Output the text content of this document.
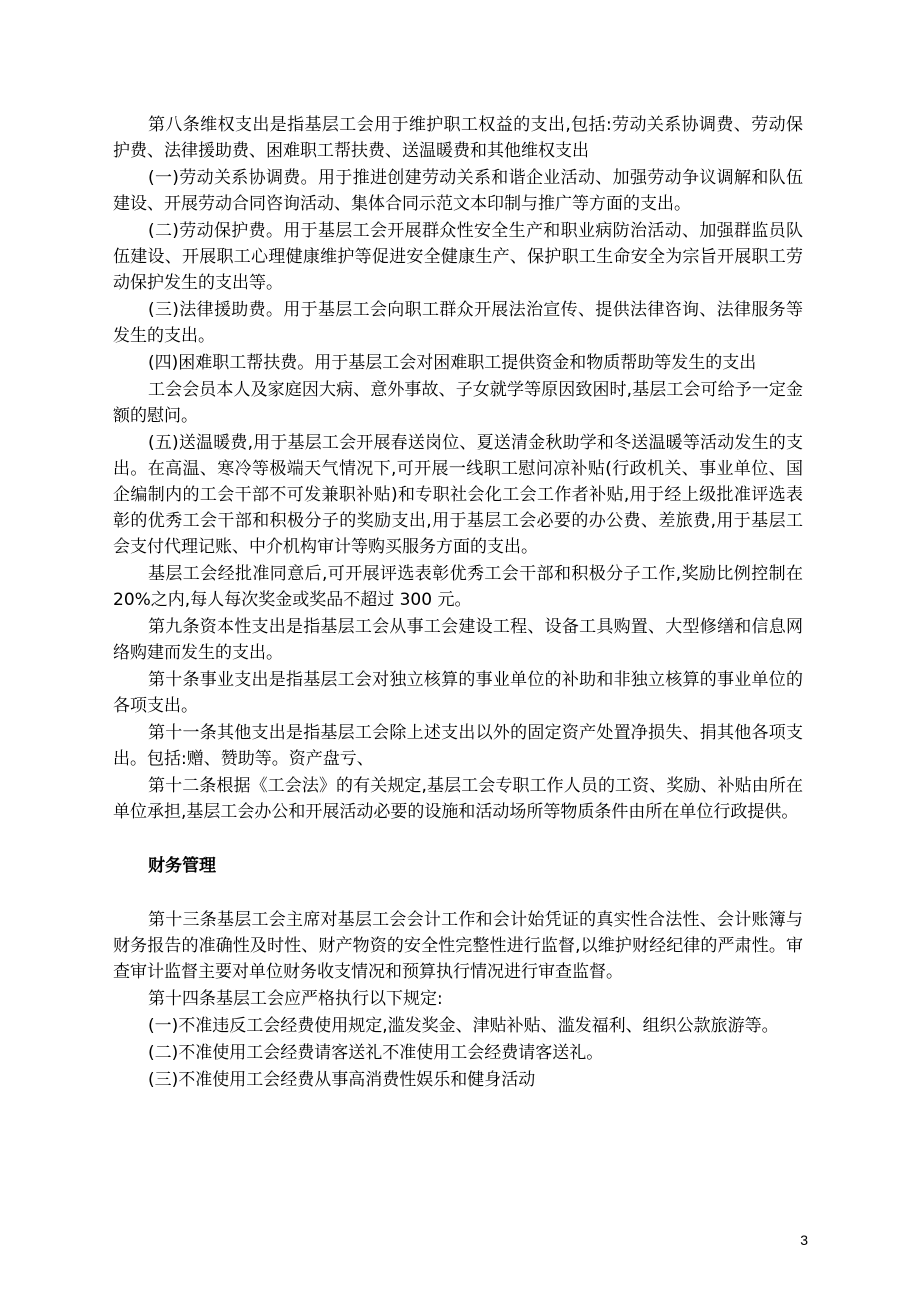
第八条维权支出是指基层工会用于维护职工权益的支出,包括:劳动关系协调费、劳动保护费、法律援助费、困难职工帮扶费、送温暖费和其他维权支出

(一)劳动关系协调费。用于推进创建劳动关系和谐企业活动、加强劳动争议调解和队伍建设、开展劳动合同咨询活动、集体合同示范文本印制与推广等方面的支出。

(二)劳动保护费。用于基层工会开展群众性安全生产和职业病防治活动、加强群监员队伍建设、开展职工心理健康维护等促进安全健康生产、保护职工生命安全为宗旨开展职工劳动保护发生的支出等。

(三)法律援助费。用于基层工会向职工群众开展法治宣传、提供法律咨询、法律服务等发生的支出。

(四)困难职工帮扶费。用于基层工会对困难职工提供资金和物质帮助等发生的支出

工会会员本人及家庭因大病、意外事故、子女就学等原因致困时,基层工会可给予一定金额的慰问。

(五)送温暖费,用于基层工会开展春送岗位、夏送清金秋助学和冬送温暖等活动发生的支出。在高温、寒冷等极端天气情况下,可开展一线职工慰问凉补贴(行政机关、事业单位、国企编制内的工会干部不可发兼职补贴)和专职社会化工会工作者补贴,用于经上级批准评选表彰的优秀工会干部和积极分子的奖励支出,用于基层工会必要的办公费、差旅费,用于基层工会支付代理记账、中介机构审计等购买服务方面的支出。

基层工会经批准同意后,可开展评选表彰优秀工会干部和积极分子工作,奖励比例控制在 20%之内,每人每次奖金或奖品不超过 300 元。

第九条资本性支出是指基层工会从事工会建设工程、设备工具购置、大型修缮和信息网络购建而发生的支出。

第十条事业支出是指基层工会对独立核算的事业单位的补助和非独立核算的事业单位的各项支出。

第十一条其他支出是指基层工会除上述支出以外的固定资产处置净损失、捐其他各项支出。包括:赠、赞助等。资产盘亏、

第十二条根据《工会法》的有关规定,基层工会专职工作人员的工资、奖励、补贴由所在单位承担,基层工会办公和开展活动必要的设施和活动场所等物质条件由所在单位行政提供。

财务管理

第十三条基层工会主席对基层工会会计工作和会计始凭证的真实性合法性、会计账簿与财务报告的准确性及时性、财产物资的安全性完整性进行监督,以维护财经纪律的严肃性。审查审计监督主要对单位财务收支情况和预算执行情况进行审查监督。

第十四条基层工会应严格执行以下规定:

(一)不准违反工会经费使用规定,滥发奖金、津贴补贴、滥发福利、组织公款旅游等。

(二)不准使用工会经费请客送礼不准使用工会经费请客送礼。

(三)不准使用工会经费从事高消费性娱乐和健身活动

3
